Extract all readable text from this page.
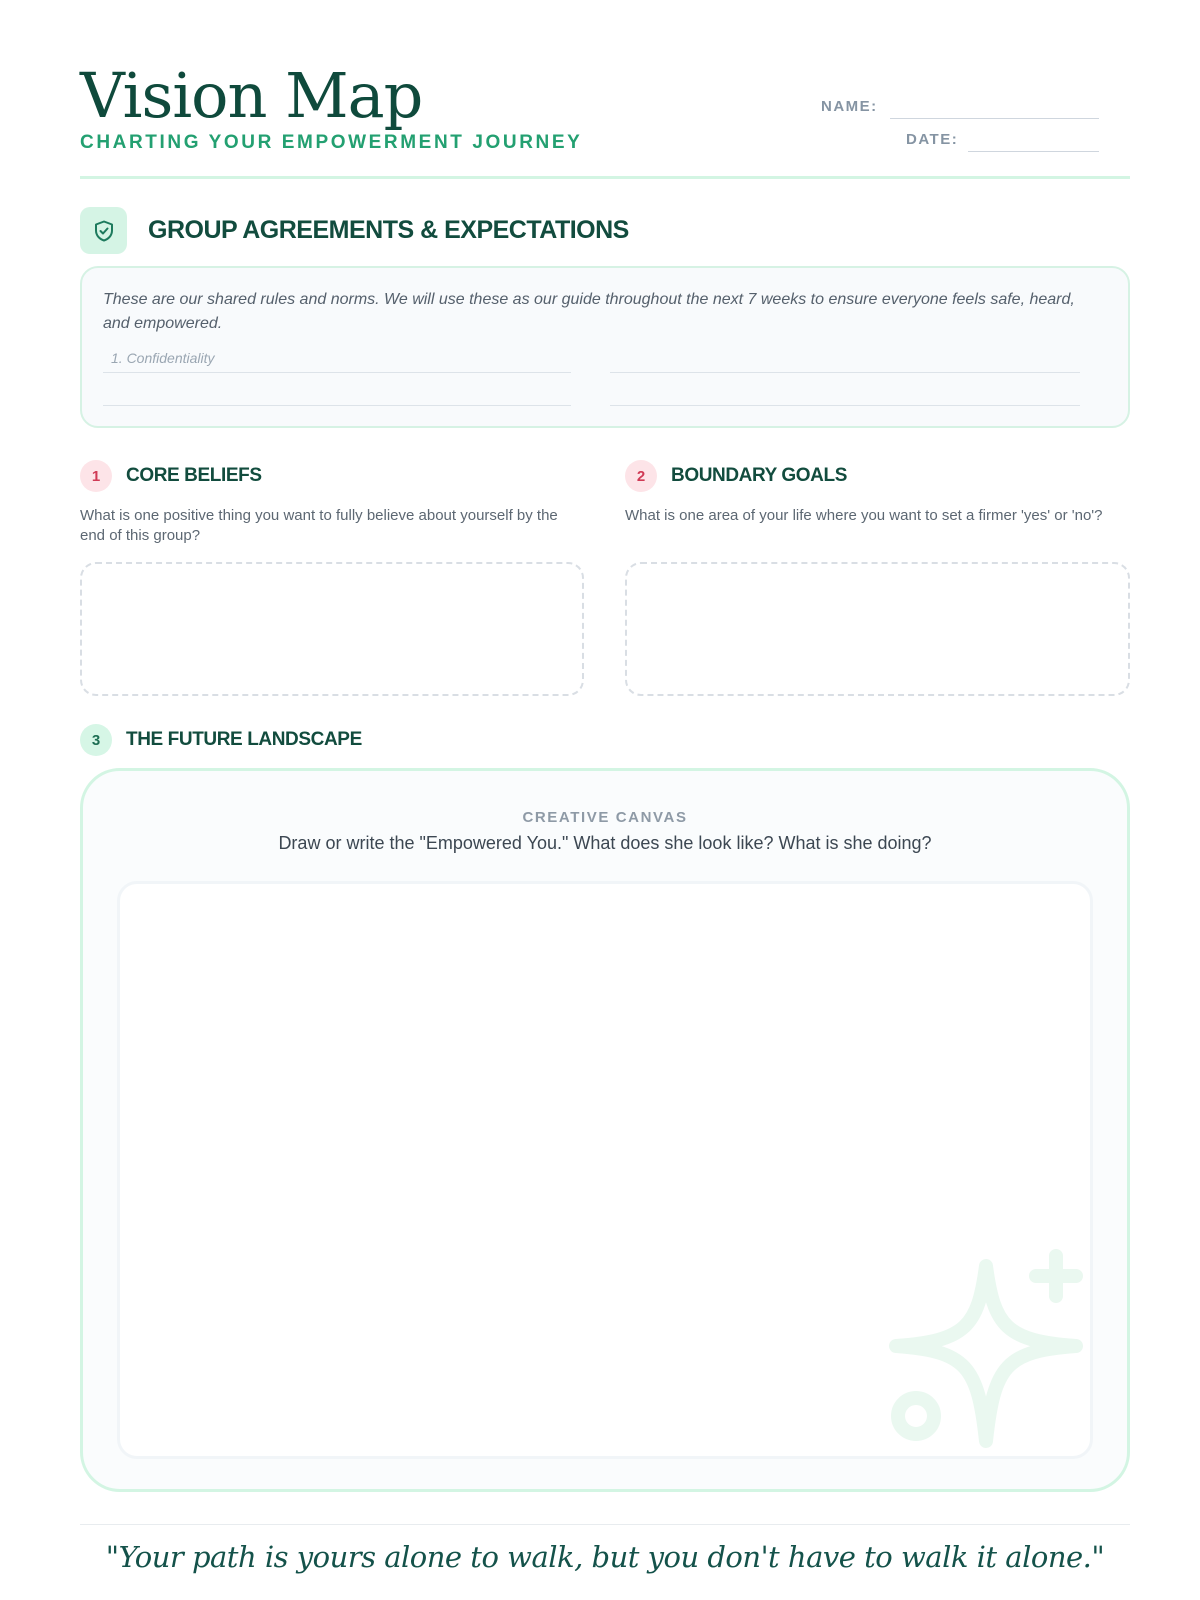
Vision Map
CHARTING YOUR EMPOWERMENT JOURNEY
NAME:
DATE:
GROUP AGREEMENTS & EXPECTATIONS
These are our shared rules and norms. We will use these as our guide throughout the next 7 weeks to ensure everyone feels safe, heard, and empowered.
1. Confidentiality
1	CORE BELIEFS
What is one positive thing you want to fully believe about yourself by the end of this group?
2	BOUNDARY GOALS
What is one area of your life where you want to set a firmer 'yes' or 'no'?
3	THE FUTURE LANDSCAPE
CREATIVE CANVAS
Draw or write the "Empowered You." What does she look like? What is she doing?
"Your path is yours alone to walk, but you don't have to walk it alone."
